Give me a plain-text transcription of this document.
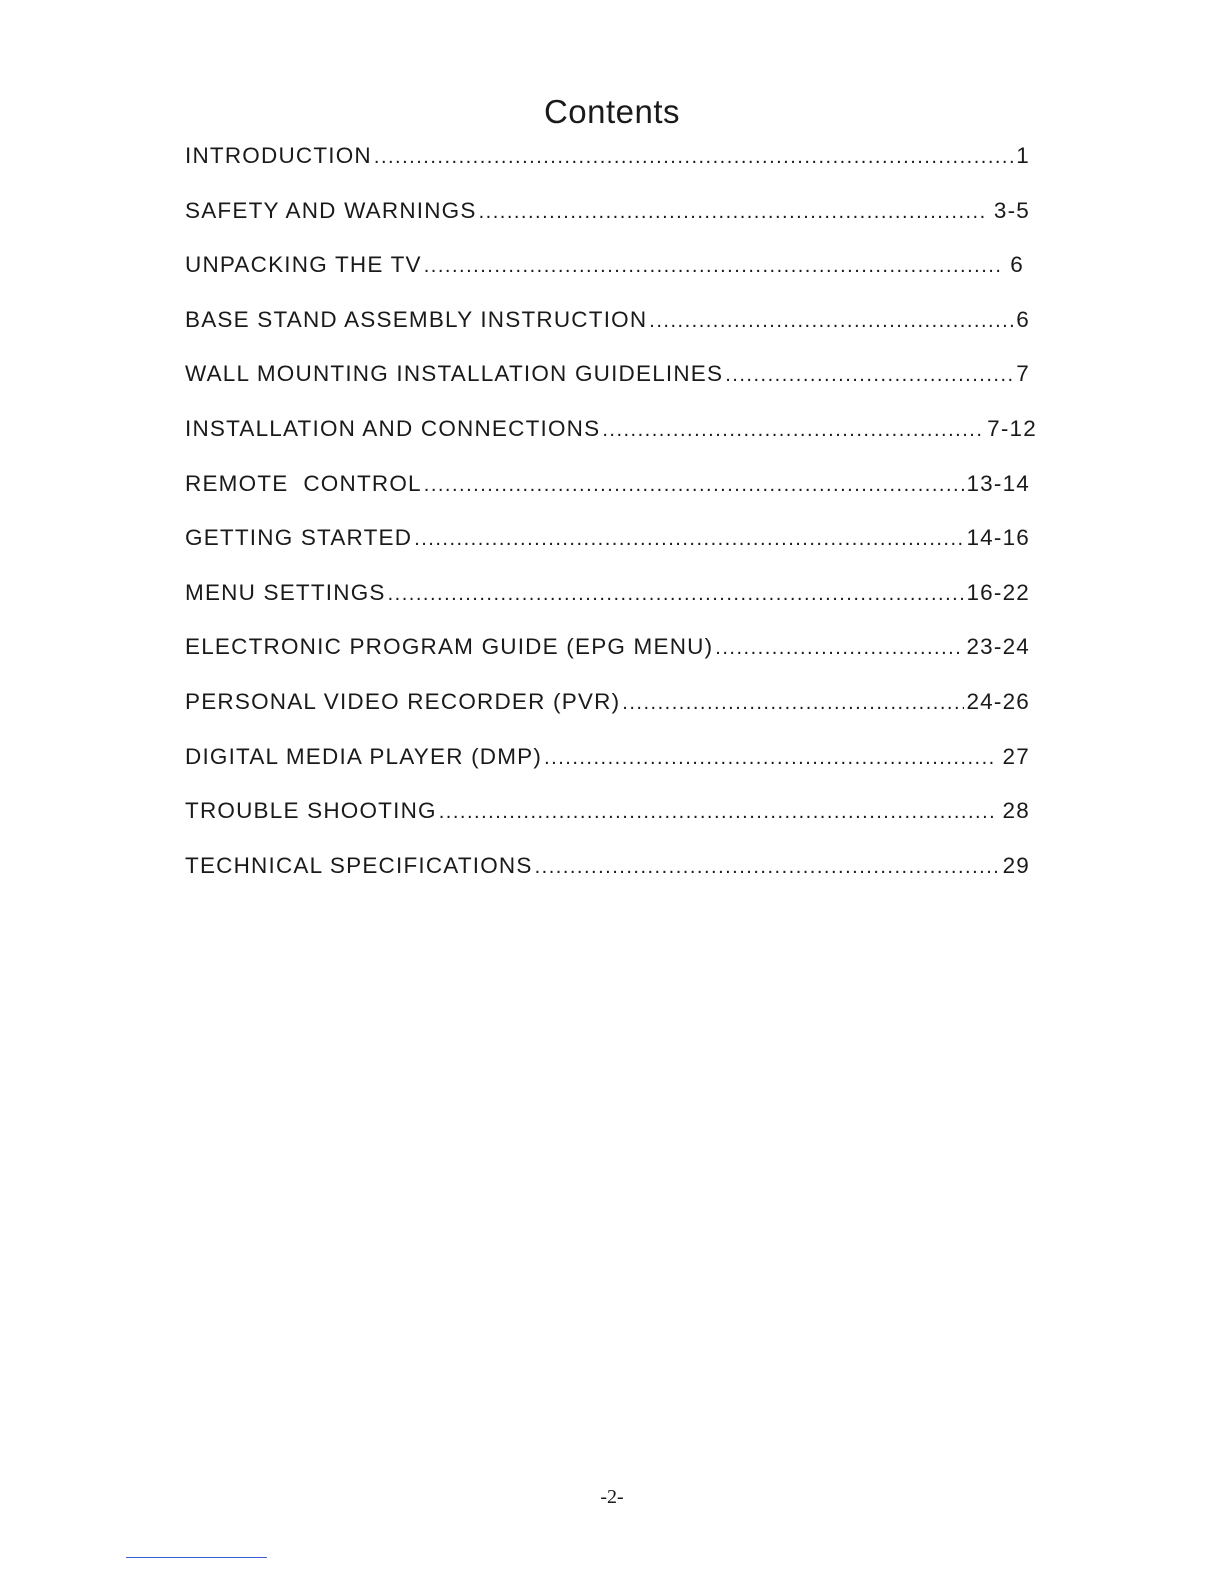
Contents
INTRODUCTION .....	1
SAFETY AND WARNINGS .....	3-5
UNPACKING THE TV .....	6
BASE STAND ASSEMBLY INSTRUCTION .....	6
WALL MOUNTING INSTALLATION GUIDELINES .....	7
INSTALLATION AND CONNECTIONS .....	7-12
REMOTE  CONTROL .....	13-14
GETTING STARTED .....	14-16
MENU SETTINGS .....	16-22
ELECTRONIC PROGRAM GUIDE (EPG MENU) .....	23-24
PERSONAL VIDEO RECORDER (PVR) .....	24-26
DIGITAL MEDIA PLAYER (DMP) .....	27
TROUBLE SHOOTING .....	28
TECHNICAL SPECIFICATIONS .....	29
-2-
